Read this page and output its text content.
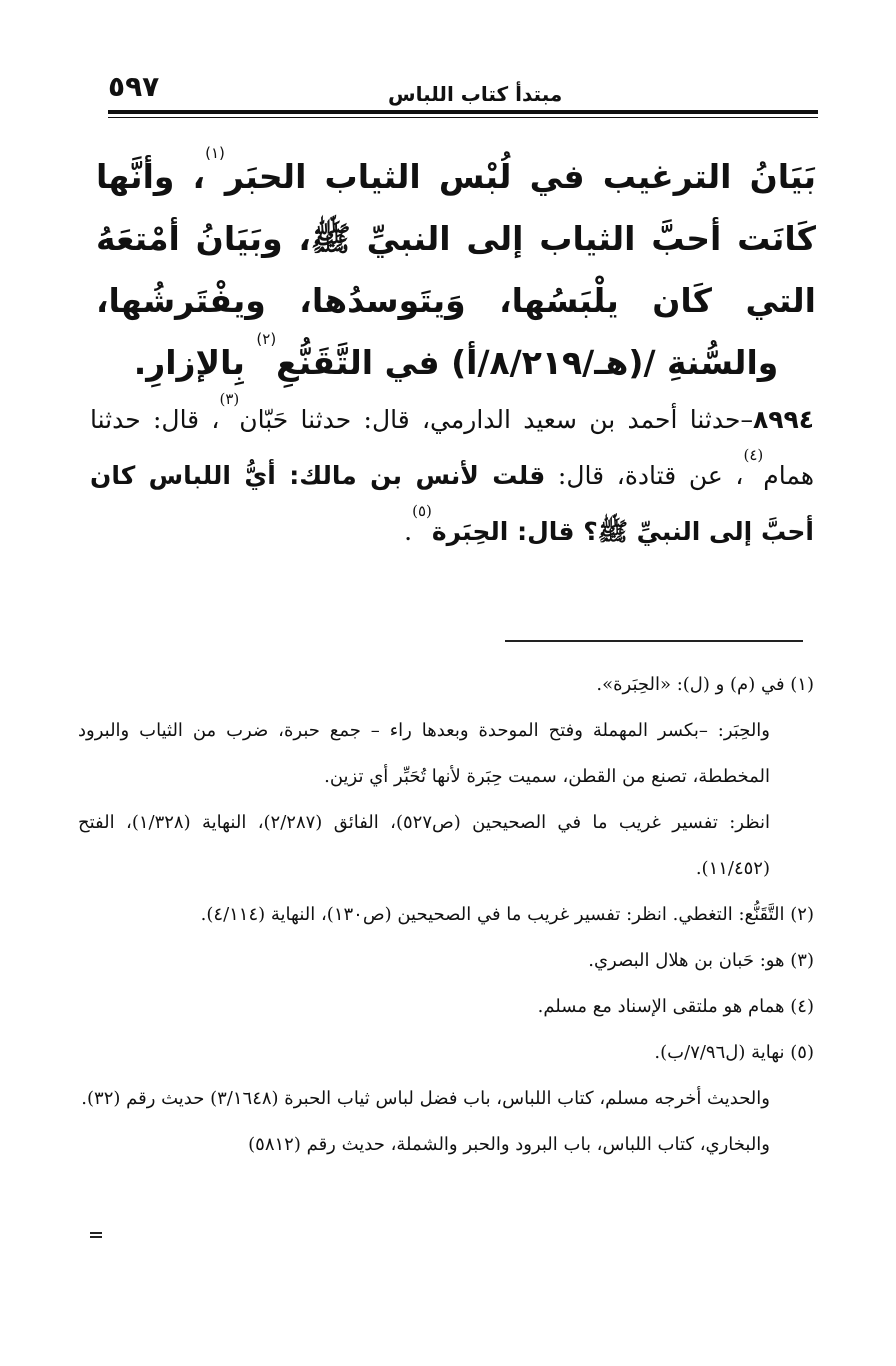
٥٩٧	مبتدأ كتاب اللباس
بَيَانُ الترغيب في لُبْس الثياب الحبَر$^{(١)}$، وأنَّها كَانَت أحبَّ الثياب إلى النبيِّ ﷺ، وبَيَانُ أمْتعَهُ التي كَان يلْبَسُها، وَيتَوسدُها، ويفْتَرشُها، والسُّنةِ /(هـ/٨/٢١٩/أ) في التَّقَنُّعِ$^{(٢)}$ بِالإزارِ.
٨٩٩٤–حدثنا أحمد بن سعيد الدارمي، قال: حدثنا حَبّان$^{(٣)}$، قال: حدثنا همام$^{(٤)}$، عن قتادة، قال: قلت لأنس بن مالك: أيُّ اللباس كان أحبَّ إلى النبيِّ ﷺ؟ قال: الحِبَرة$^{(٥)}$.

(١) في (م) و (ل): «الحِبَرة».

والحِبَر: –بكسر المهملة وفتح الموحدة وبعدها راء – جمع حبرة، ضرب من الثياب والبرود المخططة، تصنع من القطن، سميت حِبَرة لأنها تُحَبِّر أي تزين.

انظر: تفسير غريب ما في الصحيحين (ص٥٢٧)، الفائق (٢/٢٨٧)، النهاية (١/٣٢٨)، الفتح (١١/٤٥٢).

(٢) التَّقَنُّع: التغطي. انظر: تفسير غريب ما في الصحيحين (ص١٣٠)، النهاية (٤/١١٤).

(٣) هو: حَبان بن هلال البصري.

(٤) همام هو ملتقى الإسناد مع مسلم.

(٥) نهاية (ل٧/٩٦/ب).

والحديث أخرجه مسلم، كتاب اللباس، باب فضل لباس ثياب الحبرة (٣/١٦٤٨) حديث رقم (٣٢).

والبخاري، كتاب اللباس، باب البرود والحبر والشملة، حديث رقم (٥٨١٢)
